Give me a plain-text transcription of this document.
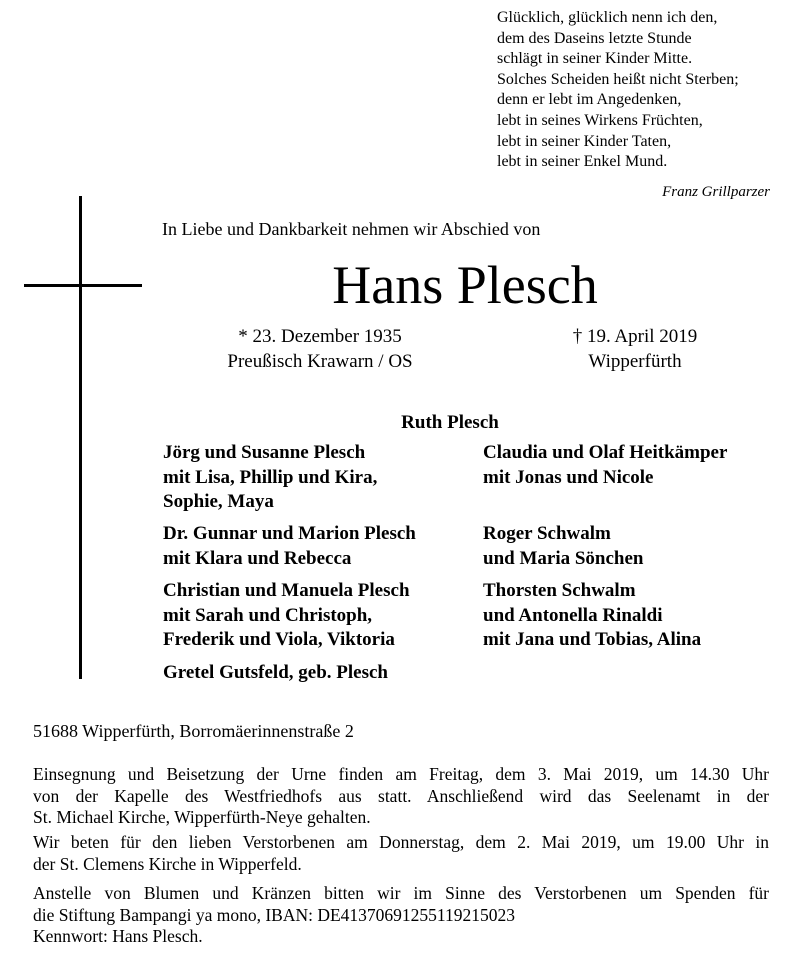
Glücklich, glücklich nenn ich den,
dem des Daseins letzte Stunde
schlägt in seiner Kinder Mitte.
Solches Scheiden heißt nicht Sterben;
denn er lebt im Angedenken,
lebt in seines Wirkens Früchten,
lebt in seiner Kinder Taten,
lebt in seiner Enkel Mund.
Franz Grillparzer
In Liebe und Dankbarkeit nehmen wir Abschied von
Hans Plesch
* 23. Dezember 1935
Preußisch Krawarn / OS
† 19. April 2019
Wipperfürth
Ruth Plesch
Jörg und Susanne Plesch
mit Lisa, Phillip und Kira,
Sophie, Maya
Dr. Gunnar und Marion Plesch
mit Klara und Rebecca
Christian und Manuela Plesch
mit Sarah und Christoph,
Frederik und Viola, Viktoria
Gretel Gutsfeld, geb. Plesch
Claudia und Olaf Heitkämper
mit Jonas und Nicole
Roger Schwalm
und Maria Sönchen
Thorsten Schwalm
und Antonella Rinaldi
mit Jana und Tobias, Alina
51688 Wipperfürth, Borromäerinnenstraße 2
Einsegnung und Beisetzung der Urne finden am Freitag, dem 3. Mai 2019, um 14.30 Uhr
von der Kapelle des Westfriedhofs aus statt. Anschließend wird das Seelenamt in der
St. Michael Kirche, Wipperfürth-Neye gehalten.
Wir beten für den lieben Verstorbenen am Donnerstag, dem 2. Mai 2019, um 19.00 Uhr in
der St. Clemens Kirche in Wipperfeld.
Anstelle von Blumen und Kränzen bitten wir im Sinne des Verstorbenen um Spenden für
die Stiftung Bampangi ya mono, IBAN: DE41370691255119215023
Kennwort: Hans Plesch.
